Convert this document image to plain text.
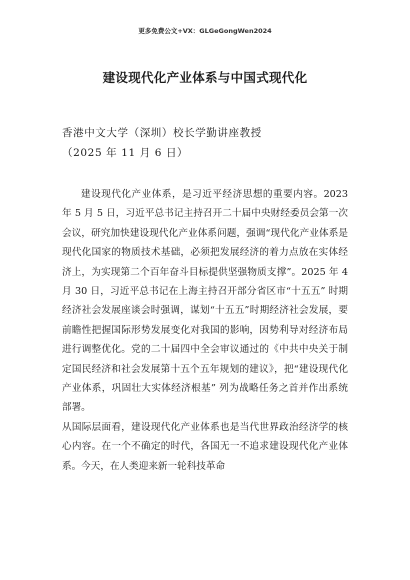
更多免费公文+VX：GLGeGongWen2024
建设现代化产业体系与中国式现代化
香港中文大学（深圳）校长学勤讲座教授
（2025 年 11 月 6 日）

建设现代化产业体系，是习近平经济思想的重要内容。2023 年 5 月 5 日，习近平总书记主持召开二十届中央财经委员会第一次会议，研究加快建设现代化产业体系问题，强调“现代化产业体系是现代化国家的物质技术基础，必须把发展经济的着力点放在实体经济上，为实现第二个百年奋斗目标提供坚强物质支撑”。2025 年 4 月 30 日，习近平总书记在上海主持召开部分省区市“十五五” 时期经济社会发展座谈会时强调，谋划“十五五”时期经济社会发展，要前瞻性把握国际形势发展变化对我国的影响，因势利导对经济布局进行调整优化。党的二十届四中全会审议通过的《中共中央关于制定国民经济和社会发展第十五个五年规划的建议》，把“建设现代化产业体系，巩固壮大实体经济根基” 列为战略任务之首并作出系统部署。

从国际层面看，建设现代化产业体系也是当代世界政治经济学的核心内容。在一个不确定的时代，各国无一不追求建设现代化产业体系。今天，在人类迎来新一轮科技革命
